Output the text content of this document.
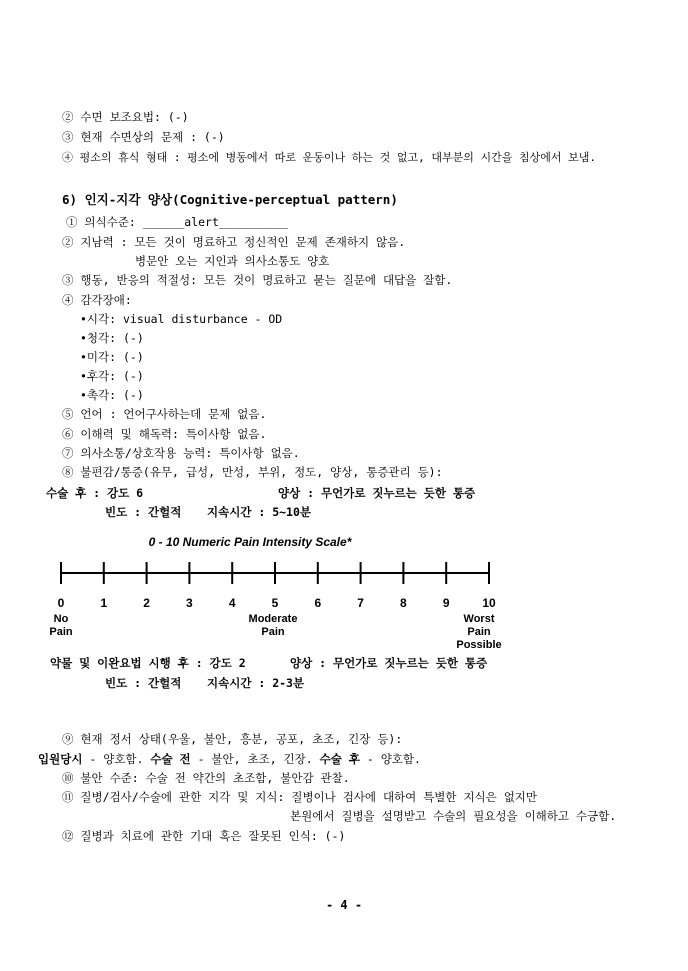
② 수면 보조요법: (-)
③ 현재 수면상의 문제 : (-)
④ 평소의 휴식 형태 : 평소에 병동에서 따로 운동이나 하는 것 없고, 대부분의 시간을 침상에서 보냄.
6) 인지-지각 양상(Cognitive-perceptual pattern)
① 의식수준: ______alert__________
② 지남력 : 모든 것이 명료하고 정신적인 문제 존재하지 않음.
병문안 오는 지인과 의사소통도 양호
③ 행동, 반응의 적절성: 모든 것이 명료하고 묻는 질문에 대답을 잘함.
④ 감각장애:
•시각: visual disturbance - OD
•청각: (-)
•미각: (-)
•후각: (-)
•촉각: (-)
⑤ 언어 : 언어구사하는데 문제 없음.
⑥ 이해력 및 해독력: 특이사항 없음.
⑦ 의사소통/상호작용 능력: 특이사항 없음.
⑧ 불편감/통증(유무, 급성, 만성, 부위, 정도, 양상, 통증관리 등):
수술 후 : 강도 6	양상 : 무언가로 짓누르는 듯한 통증
빈도 : 간헐적 지속시간 : 5~10분
0 - 10 Numeric Pain Intensity Scale*
0	1	2	3	4	5	6	7	8	9	10
No
Pain
Moderate
Pain
Worst
Pain
Possible
약물 및 이완요법 시행 후 : 강도 2	양상 : 무언가로 짓누르는 듯한 통증
빈도 : 간헐적 지속시간 : 2-3분
⑨ 현재 정서 상태(우울, 불안, 흥분, 공포, 초조, 긴장 등):
입원당시 - 양호함. 수술 전 - 불안, 초조, 긴장. 수술 후 - 양호함.
⑩ 불안 수준: 수술 전 약간의 초조함, 불안감 관찰.
⑪ 질병/검사/수술에 관한 지각 및 지식: 질병이나 검사에 대하여 특별한 지식은 없지만
본원에서 질병을 설명받고 수술의 필요성을 이해하고 수긍함.
⑫ 질병과 치료에 관한 기대 혹은 잘못된 인식: (-)
- 4 -
